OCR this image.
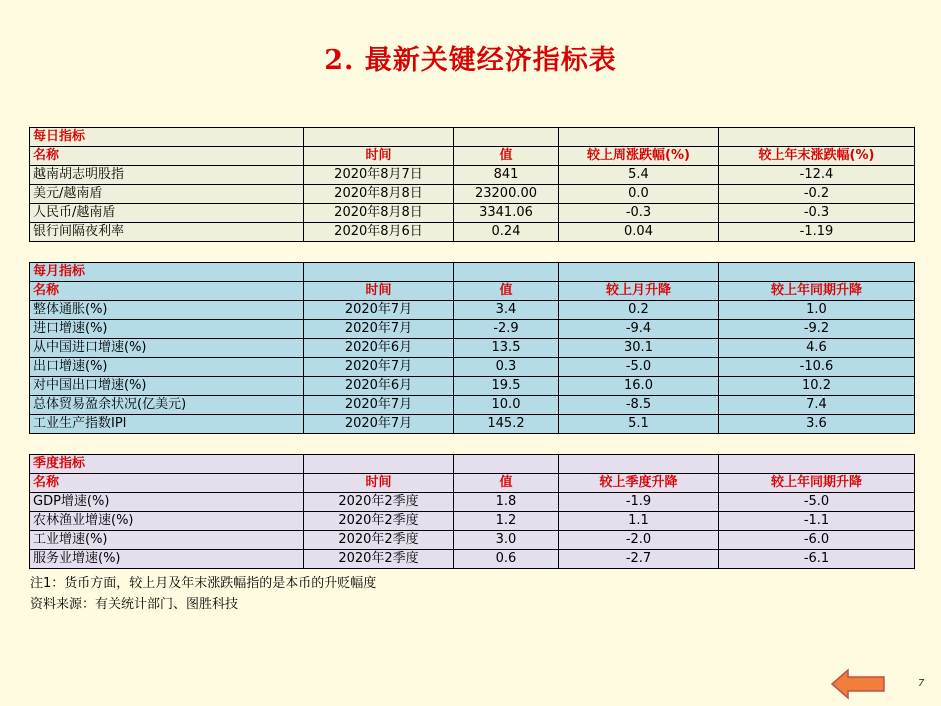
2. 最新关键经济指标表
每日指标				
名称	时间	值	较上周涨跌幅(%)	较上年末涨跌幅(%)
越南胡志明股指	2020年8月7日	841	5.4	-12.4
美元/越南盾	2020年8月8日	23200.00	0.0	-0.2
人民币/越南盾	2020年8月8日	3341.06	-0.3	-0.3
银行间隔夜利率	2020年8月6日	0.24	0.04	-1.19
每月指标				
名称	时间	值	较上月升降	较上年同期升降
整体通胀(%)	2020年7月	3.4	0.2	1.0
进口增速(%)	2020年7月	-2.9	-9.4	-9.2
从中国进口增速(%)	2020年6月	13.5	30.1	4.6
出口增速(%)	2020年7月	0.3	-5.0	-10.6
对中国出口增速(%)	2020年6月	19.5	16.0	10.2
总体贸易盈余状况(亿美元)	2020年7月	10.0	-8.5	7.4
工业生产指数IPI	2020年7月	145.2	5.1	3.6
季度指标				
名称	时间	值	较上季度升降	较上年同期升降
GDP增速(%)	2020年2季度	1.8	-1.9	-5.0
农林渔业增速(%)	2020年2季度	1.2	1.1	-1.1
工业增速(%)	2020年2季度	3.0	-2.0	-6.0
服务业增速(%)	2020年2季度	0.6	-2.7	-6.1
注1：货币方面，较上月及年末涨跌幅指的是本币的升贬幅度
资料来源：有关统计部门、图胜科技
7
